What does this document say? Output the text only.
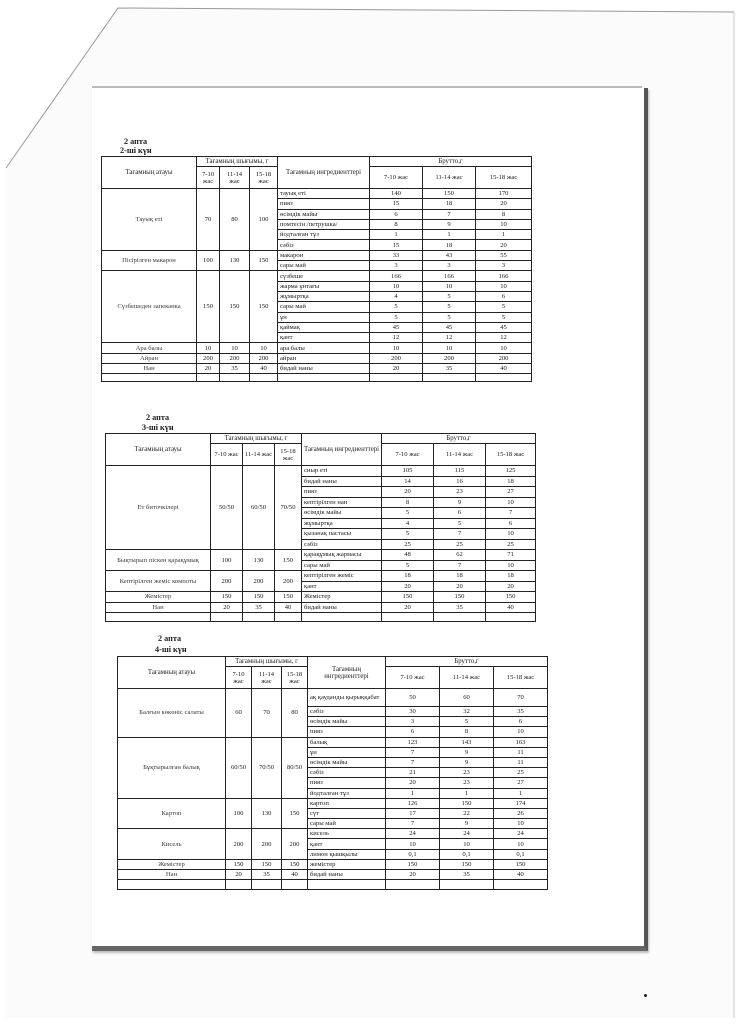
2 апта
2-ші күн
Тағамның атауы	Тағамның шығымы, г			Тағамның ингредиенттері	Брутто,г		
	7-10 жас	11-14 жас	15-18 жас		7-10 жас	11-14 жас	15-18 жас
Тауық еті	70	80	100	тауық еті	140	150	170
				пияз	15	18	20
				өсімдік майы	6	7	8
				помтесін /петрушка/	8	9	10
				йодталған тұз	1	1	1
				сәбіз	15	18	20
Пісірілген макарон	100	130	150	макарон	33	43	55
				сары май	3	3	3
Сүзбешеден запеканка	150	150	150	сүзбеше	166	166	166
				жарма ұнтағы	10	10	10
				жұмыртқа	4	5	6
				сары май	5	5	5
				ұн	5	5	5
				қаймақ	45	45	45
				қант	12	12	12
Ара балы	10	10	10	ара балы	10	10	10
Айран	200	200	200	айран	200	200	200
Нан	20	35	40	бидай наны	20	35	40

2 апта
3-ші күн
Тағамның атауы	Тағамның шығымы, г			Тағамның ингредиенттері	Брутто,г		
	7-10 жас	11-14 жас	15-18 жас		7-10 жас	11-14 жас	15-18 жас
Ет биточкілері	50/50	60/50	70/50	сиыр еті	105	115	125
				бидай наны	14	16	18
				пияз	20	23	27
				кептірілген нан	8	9	10
				өсімдік майы	5	6	7
				жұмыртқа	4	5	6
				қызанақ пастасы	5	7	10
				сәбіз	25	25	25
Бықтырып піскен қарақұмық	100	130	150	қарақұмық жармасы	48	62	71
				сары май	5	7	10
Кептірілген жеміс компоты	200	200	200	кептірілген жеміс	18	18	18
				қант	20	20	20
Жемістер	150	150	150	Жемістер	150	150	150
Нан	20	35	40	бидай наны	20	35	40

2 апта
4-ші күн
Тағамның атауы	Тағамның шығымы, г			Тағамның ингредиенттері	Брутто,г		
	7-10 жас	11-14 жас	15-18 жас		7-10 жас	11-14 жас	15-18 жас
Балғын көкөніс салаты	60	70	80	ақ қауданды қырыққабат	50	60	70
				сәбіз	30	32	35
				өсімдік майы	3	5	6
				пияз	6	8	10
Бұқтырылған балық	60/50	70/50	80/50	балық	123	143	163
				ұн	7	9	11
				өсімдік майы	7	9	11
				сәбіз	21	23	25
				пияз	20	23	27
				йодталған тұз	1	1	1
Картоп	100	130	150	картоп	126	150	174
				сүт	17	22	26
				сары май	7	9	10
Кисель	200	200	200	кисель	24	24	24
				қант	10	10	10
				лимон қышқылы	0,1	0,1	0,1
Жемістер	150	150	150	жемістер	150	150	150
Нан	20	35	40	бидай наны	20	35	40
